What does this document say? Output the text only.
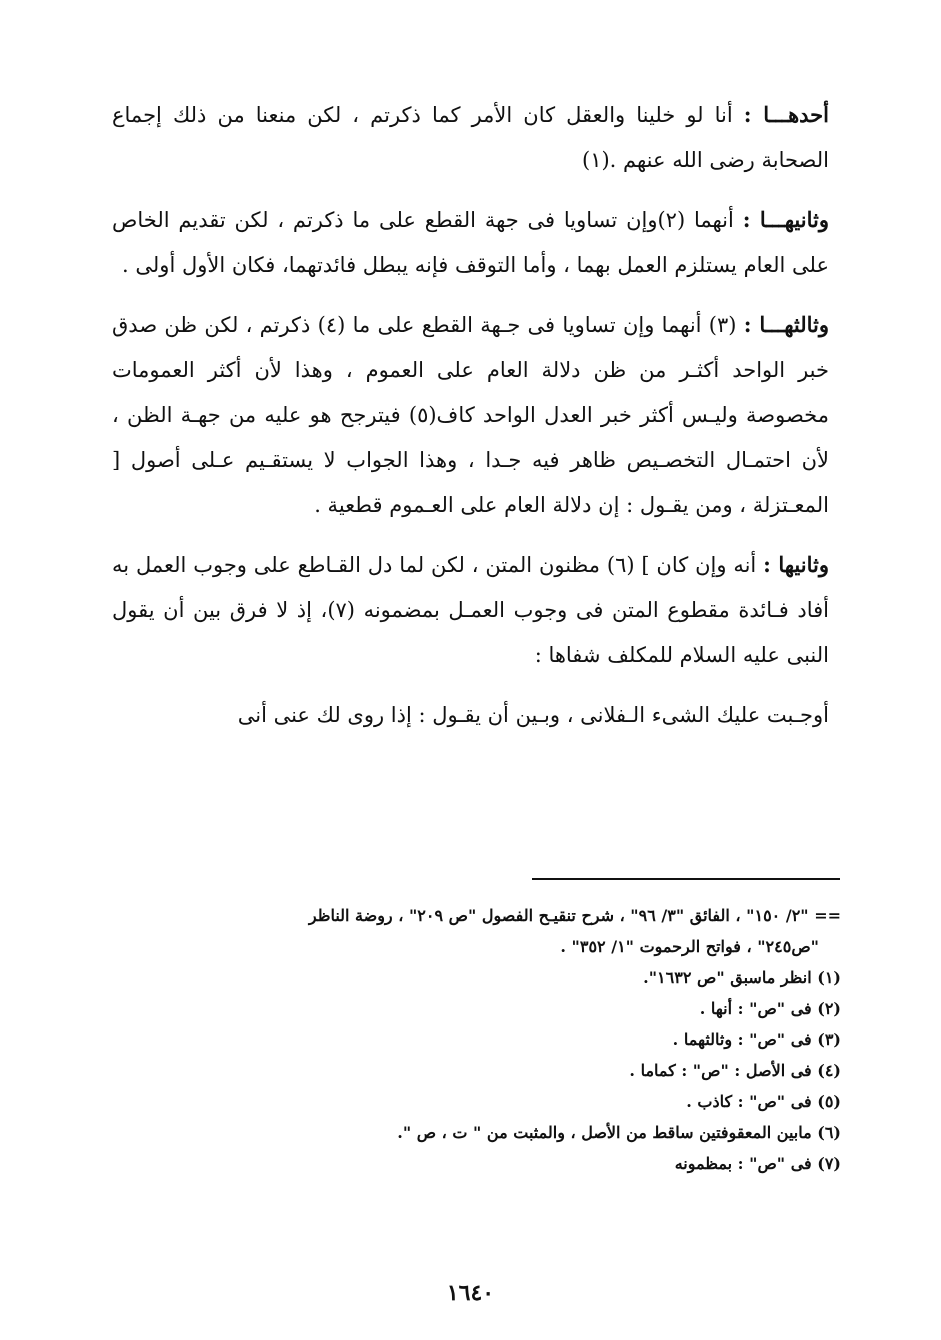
أحدهـــا : أنا لو خلينا والعقل كان الأمر كما ذكرتم ، لكن منعنا من ذلك إجماع الصحابة رضى الله عنهم .(١)

وثانيهـــا : أنهما (٢)وإن تساويا فى جهة القطع على ما ذكرتم ، لكن تقديم الخاص على العام يستلزم العمل بهما ، وأما التوقف فإنه يبطل فائدتهما، فكان الأول أولى .

وثالثهـــا : (٣) أنهما وإن تساويا فى جـهة القطع على ما (٤) ذكرتم ، لكن ظن صدق خبر الواحد أكثـر من ظن دلالة العام على العموم ، وهذا لأن أكثر العمومات مخصوصة وليـس أكثر خبر العدل الواحد كاف(٥) فيترجح هو عليه من جهـة الظن ، لأن احتمـال التخصـيص ظاهر فيه جـدا ، وهذا الجواب لا يستقـيم عـلى أصول [ المعـتزلة ، ومن يقـول : إن دلالة العام على العـموم قطعية .

وثانيها : أنه وإن كان ] (٦) مظنون المتن ، لكن لما دل القـاطع على وجوب العمل به أفاد فـائدة مقطوع المتن فى وجوب العمـل بمضمونه (٧)، إذ لا فرق بين أن يقول النبى عليه السلام للمكلف شفاها :

أوجـبت عليك الشىء الـفلانى ، وبـين أن يقـول : إذا روى لك عنى أنى

== "٢/ ١٥٠" ، الفائق "٣/ ٩٦" ، شرح تنقيـح الفصول "ص ٢٠٩" ، روضة الناظر
"ص٢٤٥" ، فواتح الرحموت "١/ ٣٥٢" .

(١) انظر ماسبق "ص ١٦٣٢".

(٢) فى "ص" : أنها .

(٣) فى "ص" : وثالثهما .

(٤) فى الأصل : "ص" : كماما .

(٥) فى "ص" : كاذب .

(٦) مابين المعقوفتين ساقط من الأصل ، والمثبت من " ت ، ص ".

(٧) فى "ص" : بمظمونه

١٦٤٠
